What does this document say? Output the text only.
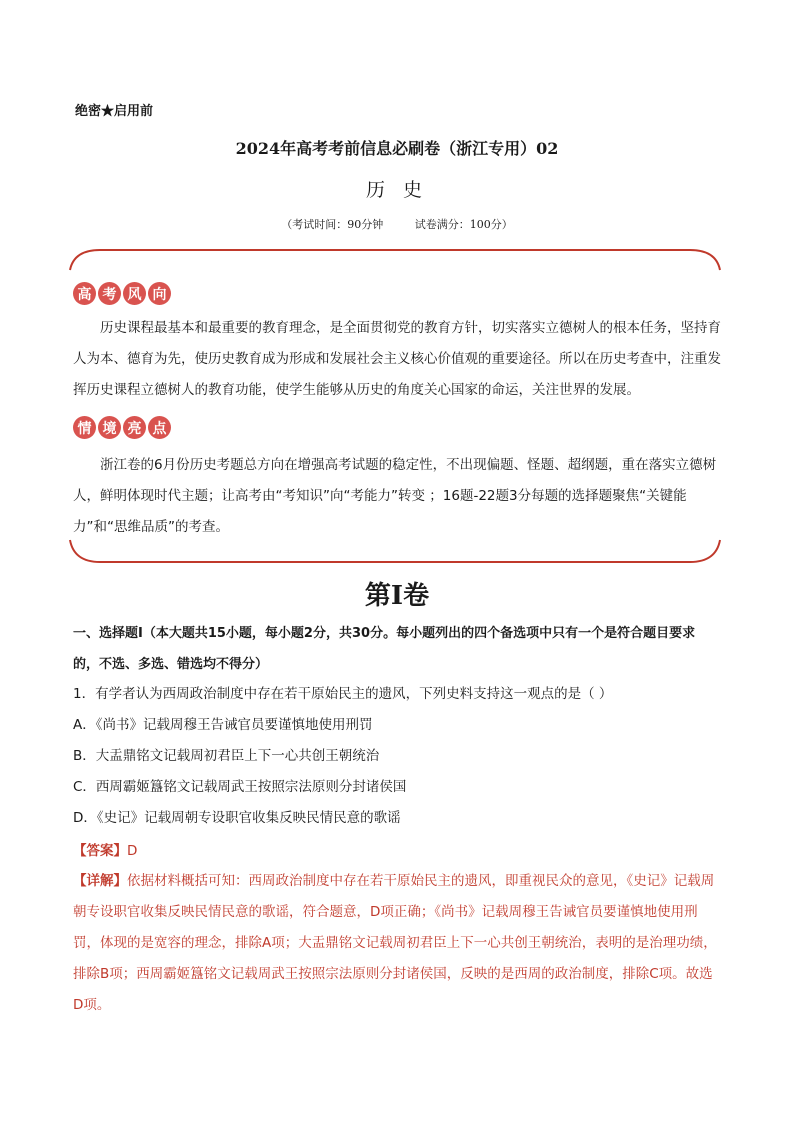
绝密★启用前
2024年高考考前信息必刷卷（浙江专用）02
历 史
（考试时间：90分钟	试卷满分：100分）
高 考 风 向
历史课程最基本和最重要的教育理念，是全面贯彻党的教育方针，切实落实立德树人的根本任务，坚持育人为本、德育为先，使历史教育成为形成和发展社会主义核心价值观的重要途径。所以在历史考查中，注重发挥历史课程立德树人的教育功能，使学生能够从历史的角度关心国家的命运，关注世界的发展。
情 境 亮 点
浙江卷的6月份历史考题总方向在增强高考试题的稳定性，不出现偏题、怪题、超纲题，重在落实立德树人，鲜明体现时代主题；让高考由“考知识”向“考能力”转变 ；16题-22题3分每题的选择题聚焦“关键能力”和“思维品质”的考查。
第I卷
一、选择题I（本大题共15小题，每小题2分，共30分。每小题列出的四个备选项中只有一个是符合题目要求的，不选、多选、错选均不得分）
1．有学者认为西周政治制度中存在若干原始民主的遗风，下列史料支持这一观点的是（ ）
A．《尚书》记载周穆王告诫官员要谨慎地使用刑罚
B．大盂鼎铭文记载周初君臣上下一心共创王朝统治
C．西周霸姬簋铭文记载周武王按照宗法原则分封诸侯国
D．《史记》记载周朝专设职官收集反映民情民意的歌谣
【答案】D
【详解】依据材料概括可知：西周政治制度中存在若干原始民主的遗风，即重视民众的意见，《史记》记载周朝专设职官收集反映民情民意的歌谣，符合题意，D项正确；《尚书》记载周穆王告诫官员要谨慎地使用刑罚，体现的是宽容的理念，排除A项；大盂鼎铭文记载周初君臣上下一心共创王朝统治，表明的是治理功绩，排除B项；西周霸姬簋铭文记载周武王按照宗法原则分封诸侯国，反映的是西周的政治制度，排除C项。故选D项。
